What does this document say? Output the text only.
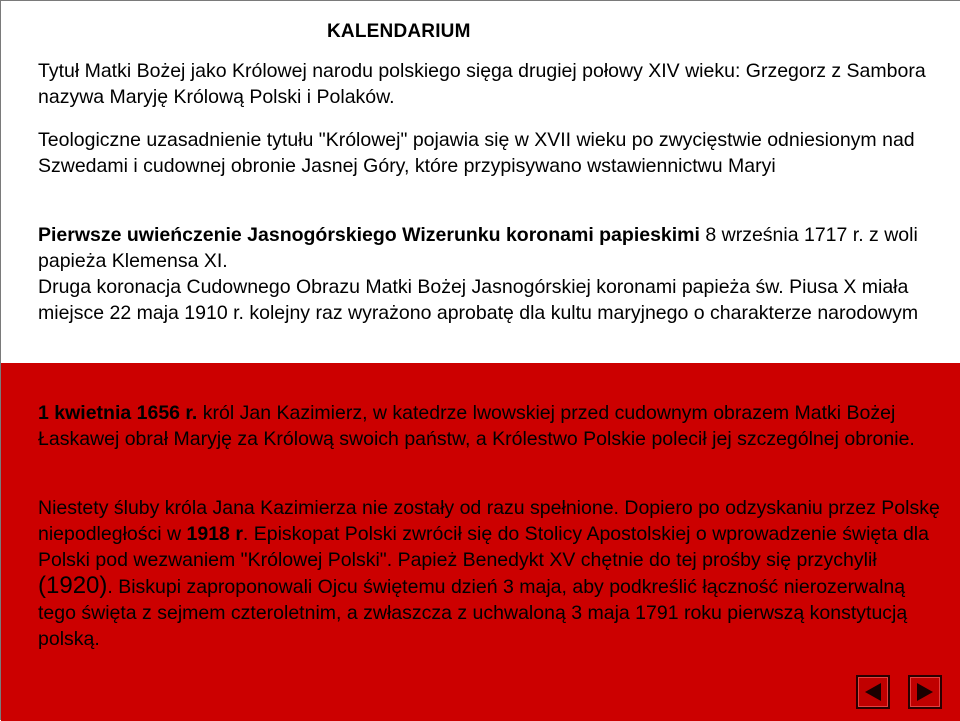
KALENDARIUM

Tytuł Matki Bożej jako Królowej narodu polskiego sięga drugiej połowy XIV wieku: Grzegorz z Sambora nazywa Maryję Królową Polski i Polaków.

Teologiczne uzasadnienie tytułu "Królowej" pojawia się w XVII wieku po zwycięstwie odniesionym nad Szwedami i cudownej obronie Jasnej Góry, które przypisywano wstawiennictwu Maryi

Pierwsze uwieńczenie Jasnogórskiego Wizerunku koronami papieskimi 8 września 1717 r. z woli papieża Klemensa XI.
Druga koronacja Cudownego Obrazu Matki Bożej Jasnogórskiej koronami papieża św. Piusa X miała miejsce 22 maja 1910 r. kolejny raz wyrażono aprobatę dla kultu maryjnego o charakterze narodowym

1 kwietnia 1656 r. król Jan Kazimierz, w katedrze lwowskiej przed cudownym obrazem Matki Bożej Łaskawej obrał Maryję za Królową swoich państw, a Królestwo Polskie polecił jej szczególnej obronie.

Niestety śluby króla Jana Kazimierza nie zostały od razu spełnione. Dopiero po odzyskaniu przez Polskę niepodległości w 1918 r. Episkopat Polski zwrócił się do Stolicy Apostolskiej o wprowadzenie święta dla Polski pod wezwaniem "Królowej Polski". Papież Benedykt XV chętnie do tej prośby się przychylił (1920). Biskupi zaproponowali Ojcu świętemu dzień 3 maja, aby podkreślić łączność nierozerwalną tego święta z sejmem czteroletnim, a zwłaszcza z uchwaloną 3 maja 1791 roku pierwszą konstytucją polską.
